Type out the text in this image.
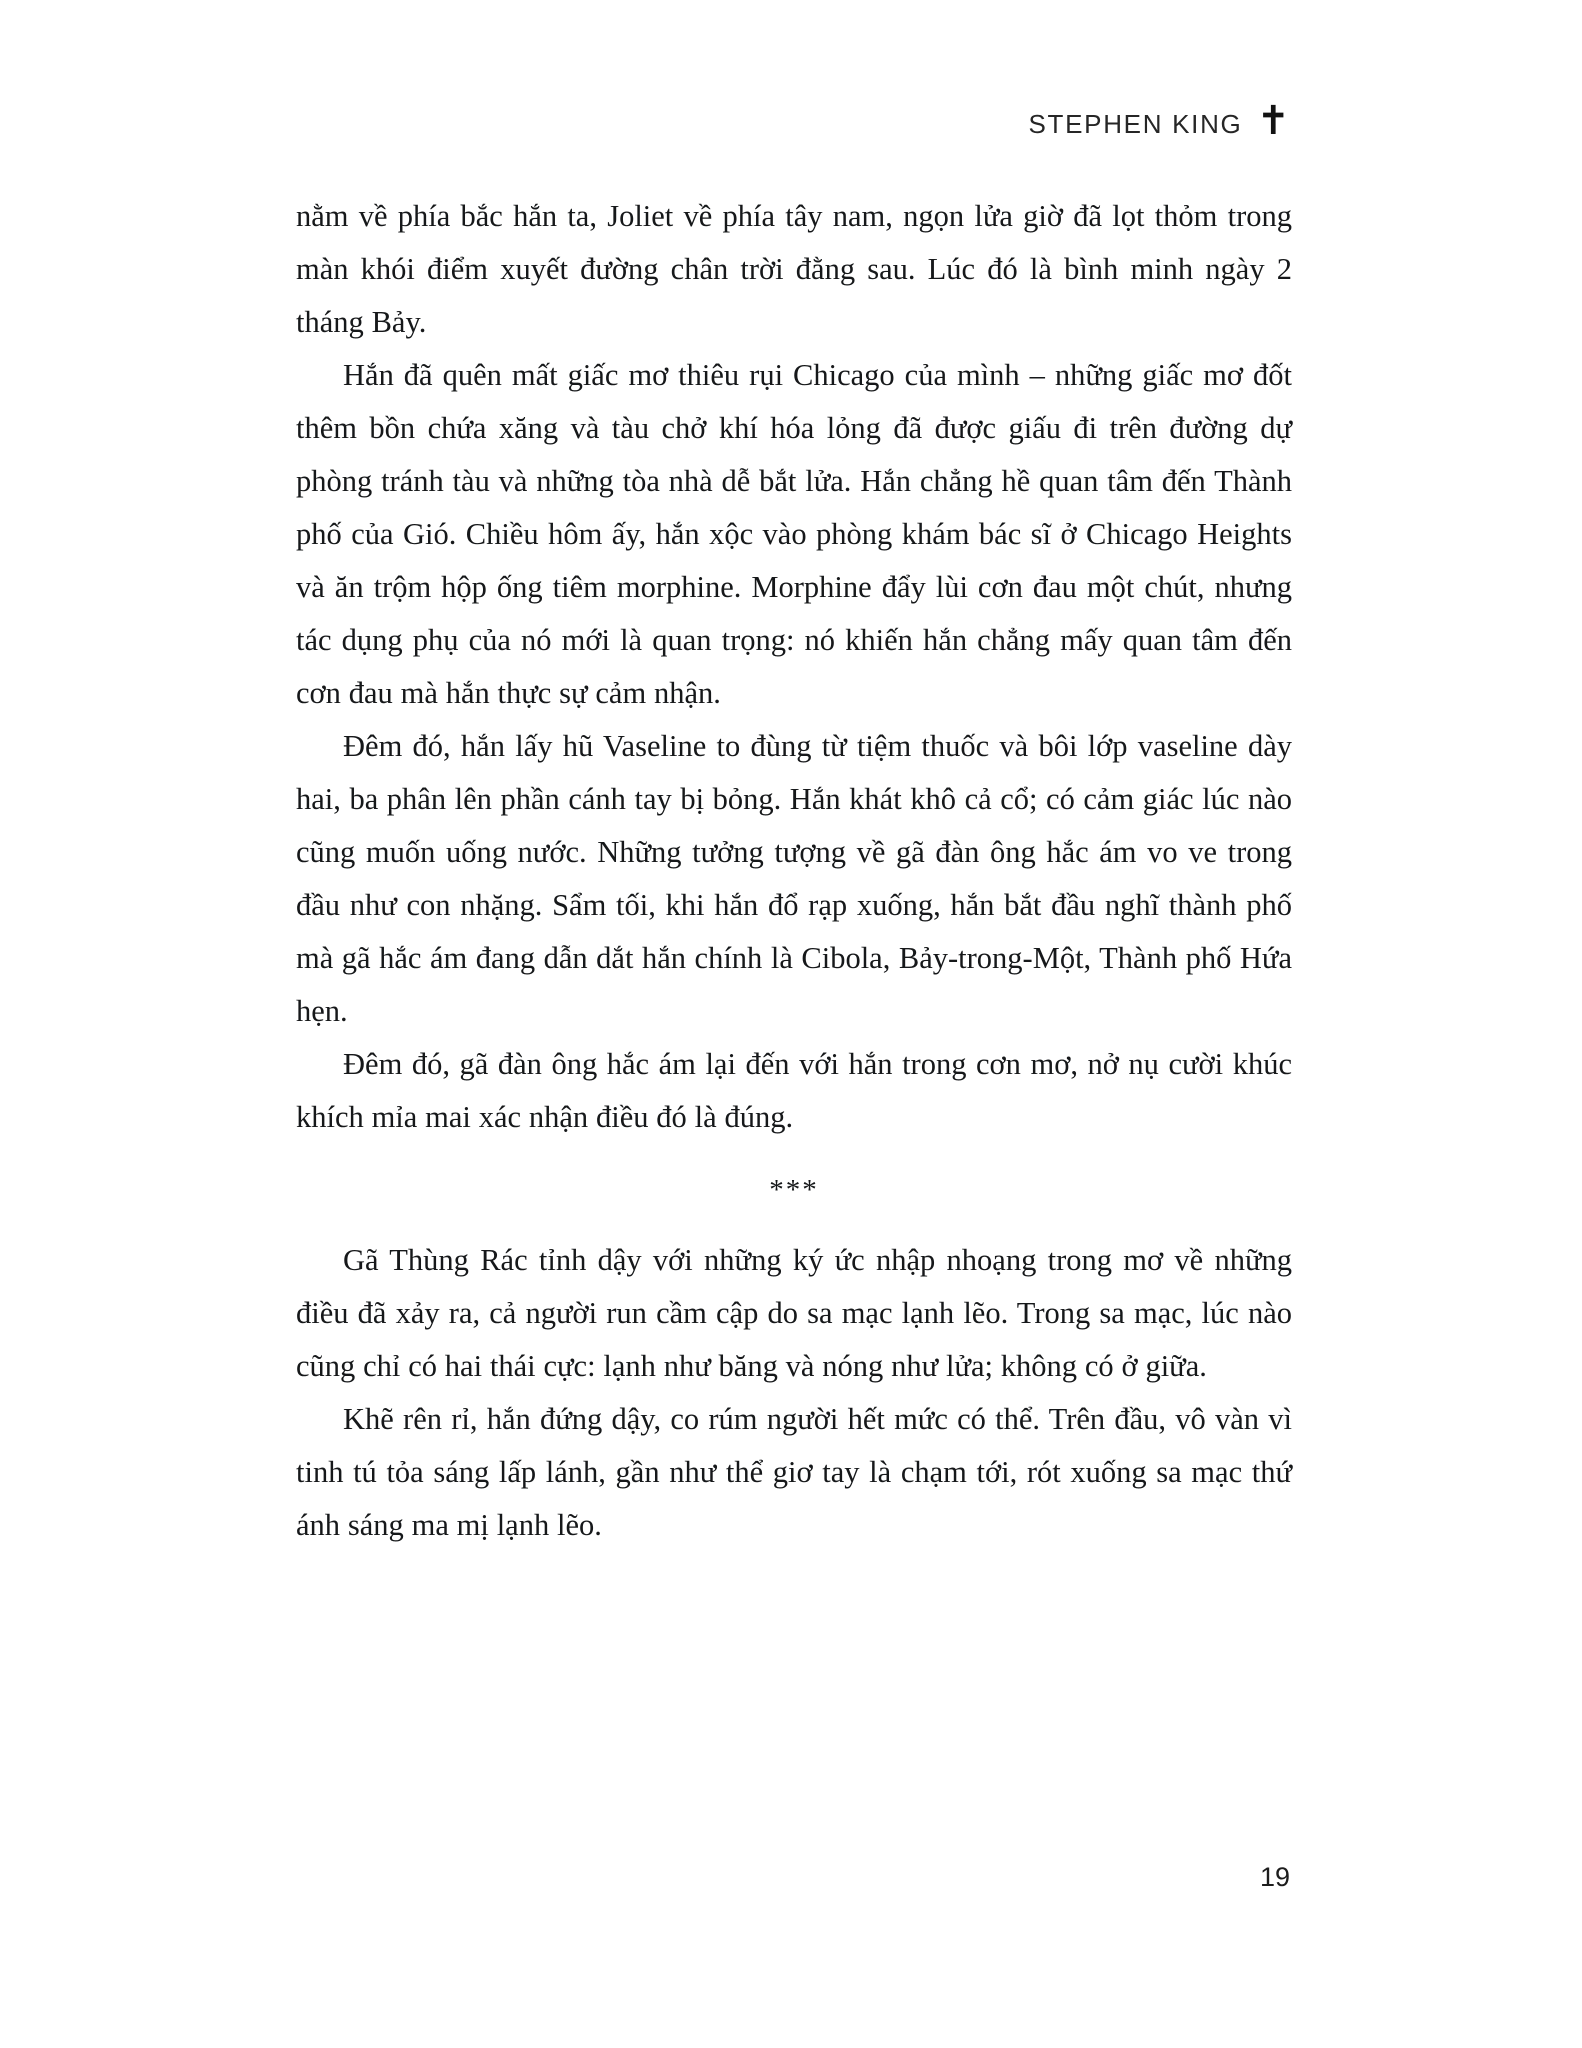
STEPHEN KING ✝

nằm về phía bắc hắn ta, Joliet về phía tây nam, ngọn lửa giờ đã lọt thỏm trong màn khói điểm xuyết đường chân trời đằng sau. Lúc đó là bình minh ngày 2 tháng Bảy.

Hắn đã quên mất giấc mơ thiêu rụi Chicago của mình – những giấc mơ đốt thêm bồn chứa xăng và tàu chở khí hóa lỏng đã được giấu đi trên đường dự phòng tránh tàu và những tòa nhà dễ bắt lửa. Hắn chẳng hề quan tâm đến Thành phố của Gió. Chiều hôm ấy, hắn xộc vào phòng khám bác sĩ ở Chicago Heights và ăn trộm hộp ống tiêm morphine. Morphine đẩy lùi cơn đau một chút, nhưng tác dụng phụ của nó mới là quan trọng: nó khiến hắn chẳng mấy quan tâm đến cơn đau mà hắn thực sự cảm nhận.

Đêm đó, hắn lấy hũ Vaseline to đùng từ tiệm thuốc và bôi lớp vaseline dày hai, ba phân lên phần cánh tay bị bỏng. Hắn khát khô cả cổ; có cảm giác lúc nào cũng muốn uống nước. Những tưởng tượng về gã đàn ông hắc ám vo ve trong đầu như con nhặng. Sẩm tối, khi hắn đổ rạp xuống, hắn bắt đầu nghĩ thành phố mà gã hắc ám đang dẫn dắt hắn chính là Cibola, Bảy-trong-Một, Thành phố Hứa hẹn.

Đêm đó, gã đàn ông hắc ám lại đến với hắn trong cơn mơ, nở nụ cười khúc khích mỉa mai xác nhận điều đó là đúng.

***

Gã Thùng Rác tỉnh dậy với những ký ức nhập nhoạng trong mơ về những điều đã xảy ra, cả người run cầm cập do sa mạc lạnh lẽo. Trong sa mạc, lúc nào cũng chỉ có hai thái cực: lạnh như băng và nóng như lửa; không có ở giữa.

Khẽ rên rỉ, hắn đứng dậy, co rúm người hết mức có thể. Trên đầu, vô vàn vì tinh tú tỏa sáng lấp lánh, gần như thể giơ tay là chạm tới, rót xuống sa mạc thứ ánh sáng ma mị lạnh lẽo.

19
